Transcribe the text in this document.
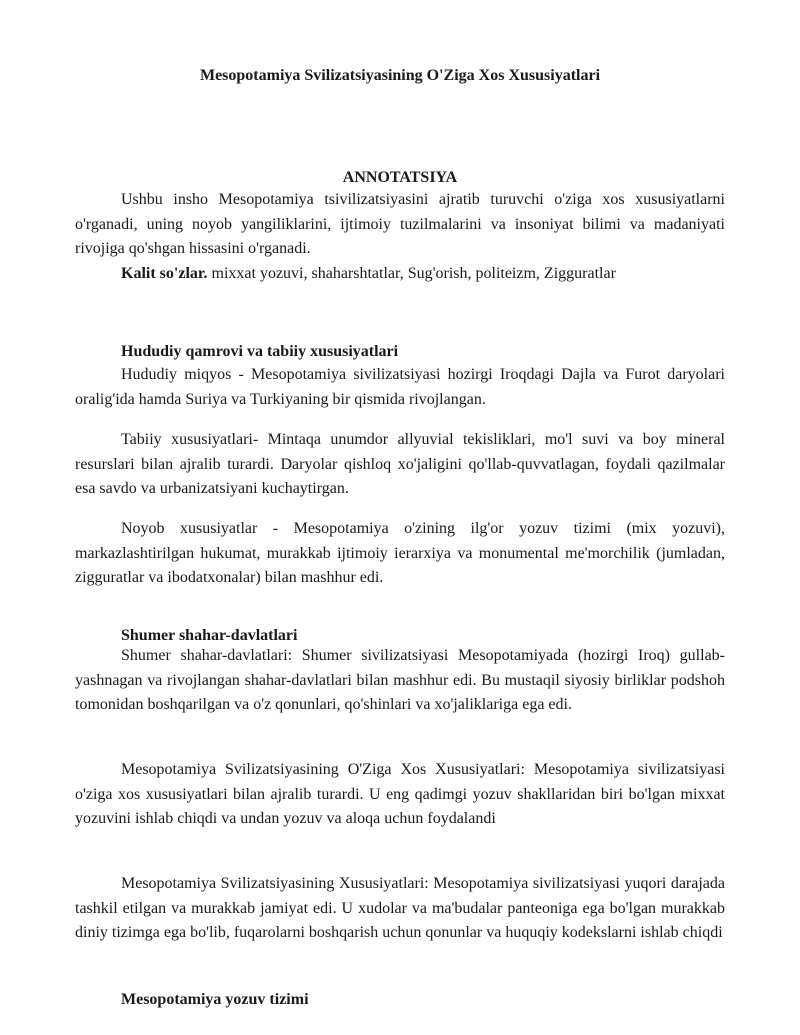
Mesopotamiya Svilizatsiyasining O'Ziga Xos Xususiyatlari
ANNOTATSIYA

Ushbu insho Mesopotamiya tsivilizatsiyasini ajratib turuvchi o'ziga xos xususiyatlarni o'rganadi, uning noyob yangiliklarini, ijtimoiy tuzilmalarini va insoniyat bilimi va madaniyati rivojiga qo'shgan hissasini o'rganadi.

Kalit so'zlar. mixxat yozuvi, shaharshtatlar, Sug'orish, politeizm, Zigguratlar

Hududiy qamrovi va tabiiy xususiyatlari

Hududiy miqyos - Mesopotamiya sivilizatsiyasi hozirgi Iroqdagi Dajla va Furot daryolari oralig'ida hamda Suriya va Turkiyaning bir qismida rivojlangan.

Tabiiy xususiyatlari- Mintaqa unumdor allyuvial tekisliklari, mo'l suvi va boy mineral resurslari bilan ajralib turardi. Daryolar qishloq xo'jaligini qo'llab-quvvatlagan, foydali qazilmalar esa savdo va urbanizatsiyani kuchaytirgan.

Noyob xususiyatlar - Mesopotamiya o'zining ilg'or yozuv tizimi (mix yozuvi), markazlashtirilgan hukumat, murakkab ijtimoiy ierarxiya va monumental me'morchilik (jumladan, zigguratlar va ibodatxonalar) bilan mashhur edi.

Shumer shahar-davlatlari

Shumer shahar-davlatlari: Shumer sivilizatsiyasi Mesopotamiyada (hozirgi Iroq) gullab-yashnagan va rivojlangan shahar-davlatlari bilan mashhur edi. Bu mustaqil siyosiy birliklar podshoh tomonidan boshqarilgan va o'z qonunlari, qo'shinlari va xo'jaliklariga ega edi.

Mesopotamiya Svilizatsiyasining O'Ziga Xos Xususiyatlari: Mesopotamiya sivilizatsiyasi o'ziga xos xususiyatlari bilan ajralib turardi. U eng qadimgi yozuv shakllaridan biri bo'lgan mixxat yozuvini ishlab chiqdi va undan yozuv va aloqa uchun foydalandi

Mesopotamiya Svilizatsiyasining Xususiyatlari: Mesopotamiya sivilizatsiyasi yuqori darajada tashkil etilgan va murakkab jamiyat edi. U xudolar va ma'budalar panteoniga ega bo'lgan murakkab diniy tizimga ega bo'lib, fuqarolarni boshqarish uchun qonunlar va huquqiy kodekslarni ishlab chiqdi

Mesopotamiya yozuv tizimi
